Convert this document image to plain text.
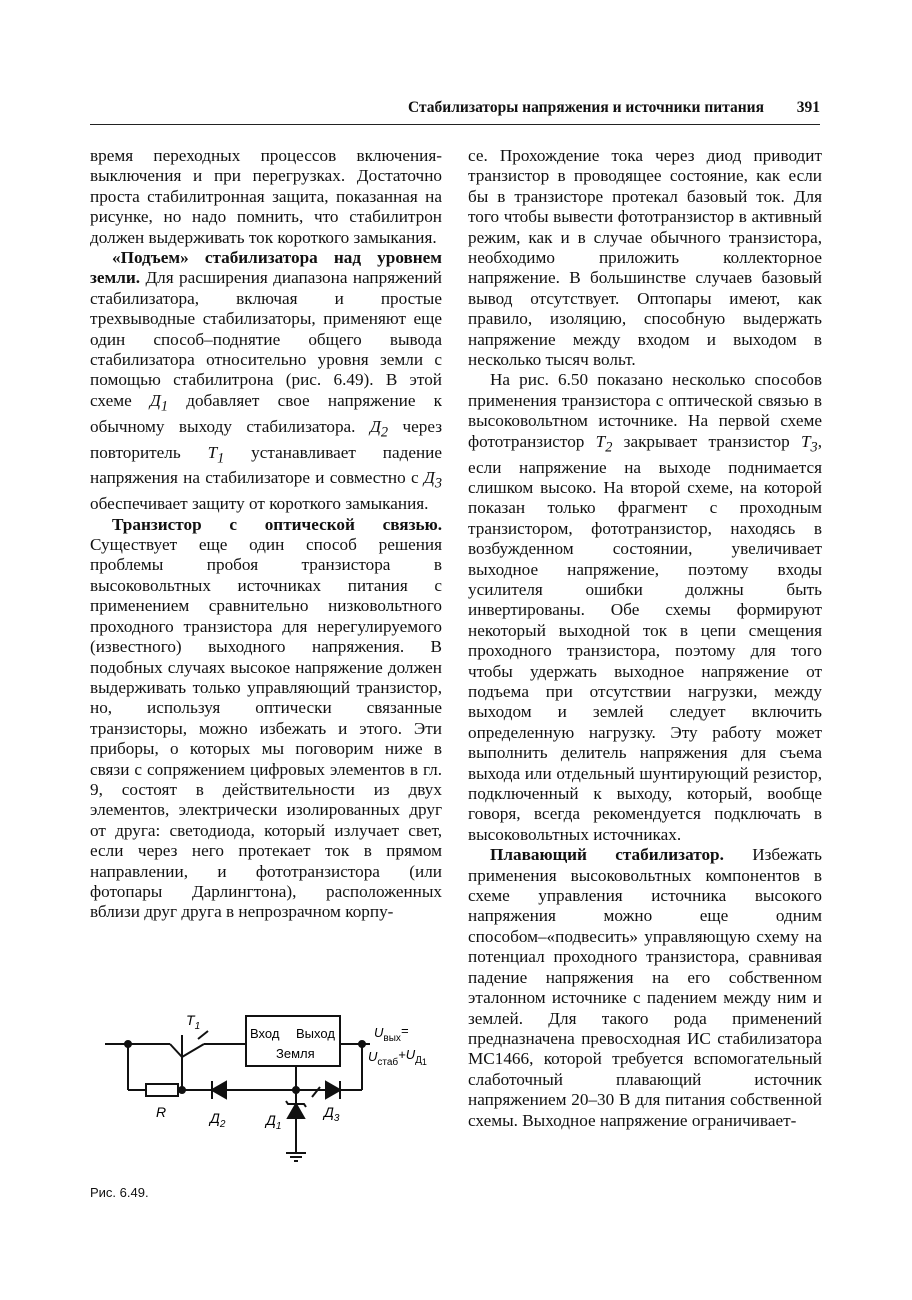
Стабилизаторы напряжения и источники питания 391

время переходных процессов включения-выключения и при перегрузках. Достаточно проста стабилитронная защита, показанная на рисунке, но надо помнить, что стабилитрон должен выдерживать ток короткого замыкания.

«Подъем» стабилизатора над уровнем земли. Для расширения диапазона напряжений стабилизатора, включая и простые трехвыводные стабилизаторы, применяют еще один способ–поднятие общего вывода стабилизатора относительно уровня земли с помощью стабилитрона (рис. 6.49). В этой схеме $Д_1$ добавляет свое напряжение к обычному выходу стабилизатора. $Д_2$ через повторитель $T_1$ устанавливает падение напряжения на стабилизаторе и совместно с $Д_3$ обеспечивает защиту от короткого замыкания.

Транзистор с оптической связью. Существует еще один способ решения проблемы пробоя транзистора в высоковольтных источниках питания с применением сравнительно низковольтного проходного транзистора для нерегулируемого (известного) выходного напряжения. В подобных случаях высокое напряжение должен выдерживать только управляющий транзистор, но, используя оптически связанные транзисторы, можно избежать и этого. Эти приборы, о которых мы поговорим ниже в связи с сопряжением цифровых элементов в гл. 9, состоят в действительности из двух элементов, электрически изолированных друг от друга: светодиода, который излучает свет, если через него протекает ток в прямом направлении, и фототранзистора (или фотопары Дарлингтона), расположенных вблизи друг друга в непрозрачном корпу-

се. Прохождение тока через диод приводит транзистор в проводящее состояние, как если бы в транзисторе протекал базовый ток. Для того чтобы вывести фототранзистор в активный режим, как и в случае обычного транзистора, необходимо приложить коллекторное напряжение. В большинстве случаев базовый вывод отсутствует. Оптопары имеют, как правило, изоляцию, способную выдержать напряжение между входом и выходом в несколько тысяч вольт.

На рис. 6.50 показано несколько способов применения транзистора с оптической связью в высоковольтном источнике. На первой схеме фототранзистор $T_2$ закрывает транзистор $T_3$, если напряжение на выходе поднимается слишком высоко. На второй схеме, на которой показан только фрагмент с проходным транзистором, фототранзистор, находясь в возбужденном состоянии, увеличивает выходное напряжение, поэтому входы усилителя ошибки должны быть инвертированы. Обе схемы формируют некоторый выходной ток в цепи смещения проходного транзистора, поэтому для того чтобы удержать выходное напряжение от подъема при отсутствии нагрузки, между выходом и землей следует включить определенную нагрузку. Эту работу может выполнить делитель напряжения для съема выхода или отдельный шунтирующий резистор, подключенный к выходу, который, вообще говоря, всегда рекомендуется подключать в высоковольтных источниках.

Плавающий стабилизатор. Избежать применения высоковольтных компонентов в схеме управления источника высокого напряжения можно еще одним способом–«подвесить» управляющую схему на потенциал проходного транзистора, сравнивая падение напряжения на его собственном эталонном источнике с падением между ним и землей. Для такого рода применений предназначена превосходная ИС стабилизатора МС1466, которой требуется вспомогательный слаботочный плавающий источник напряжением 20–30 В для питания собственной схемы. Выходное напряжение ограничивает-

Вход Выход
Земля
$T_1$
R	$Д_2$	$Д_1$
$Д_3$
$U_{вых}=$
$U_{стаб}+U_Д1$
Рис. 6.49.
